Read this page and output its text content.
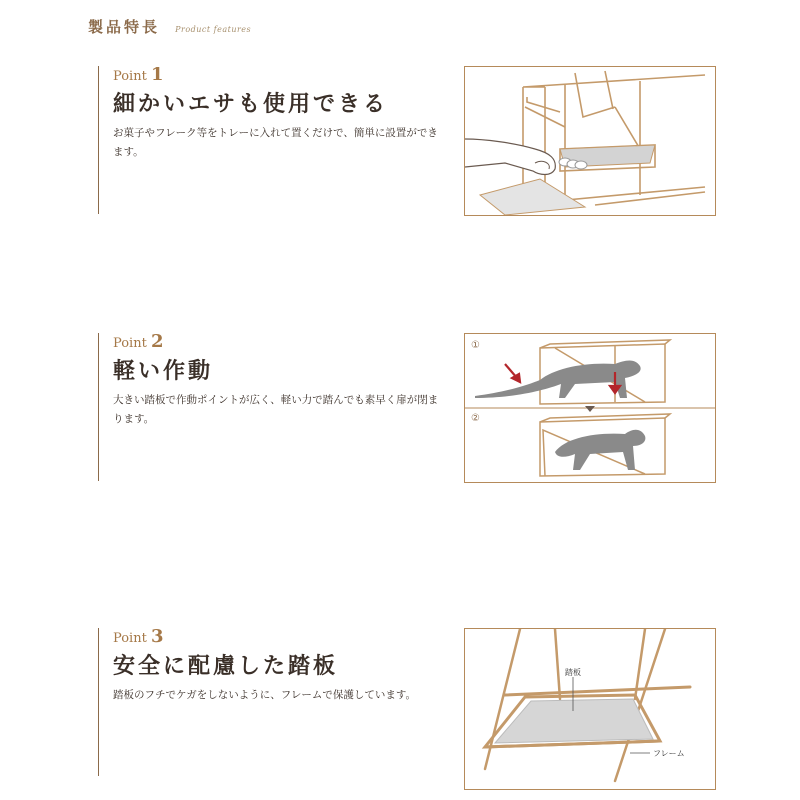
製品特長 Product features
Point 1
細かいエサも使用できる
お菓子やフレーク等をトレーに入れて置くだけで、簡単に設置ができます。
Point 2
軽い作動
大きい踏板で作動ポイントが広く、軽い力で踏んでも素早く扉が閉まります。
①
②
Point 3
安全に配慮した踏板
踏板のフチでケガをしないように、フレームで保護しています。
踏板
フレーム
